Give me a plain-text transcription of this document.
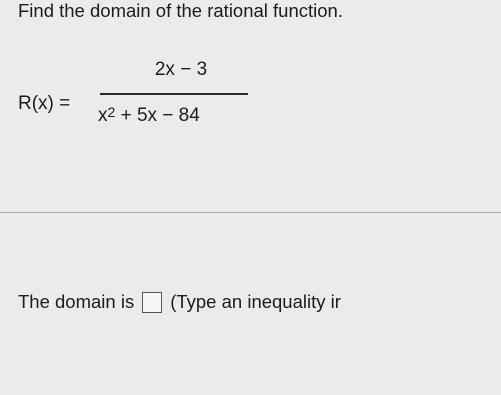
Find the domain of the rational function.
R(x) =
2x − 3
$x^2 + 5x - 84$
The domain is (Type an inequality ir
